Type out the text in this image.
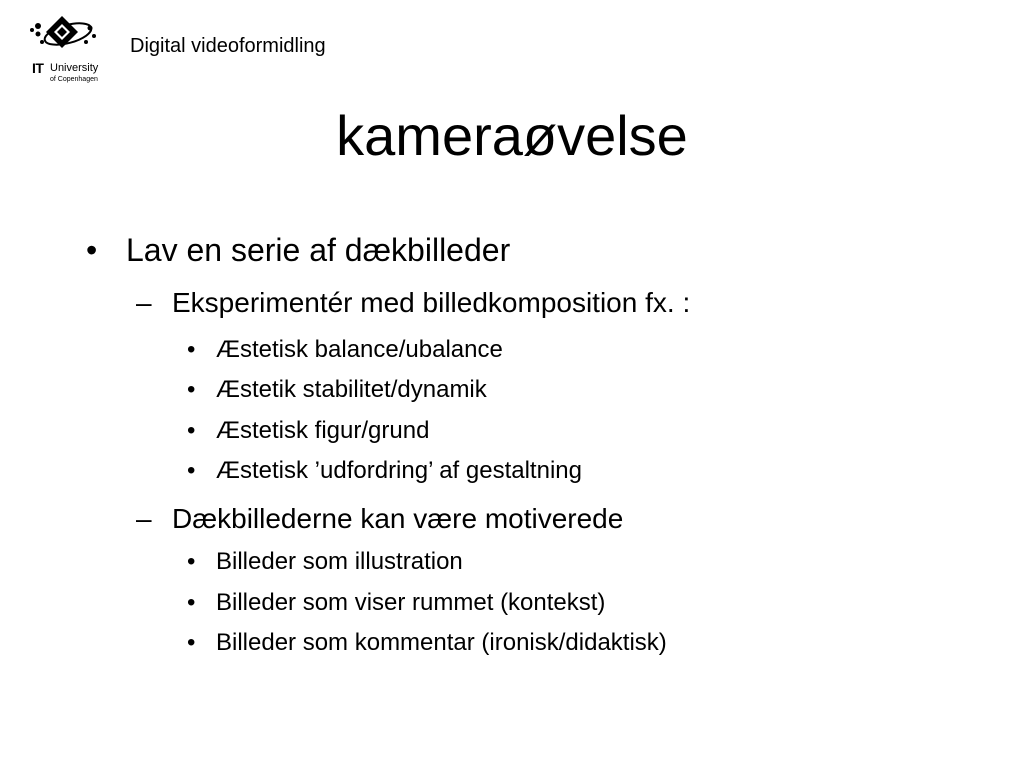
IT University
of Copenhagen
Digital videoformidling
kameraøvelse
• Lav en serie af dækbilleder
– Eksperimentér med billedkomposition fx. :
• Æstetisk balance/ubalance
• Æstetik stabilitet/dynamik
• Æstetisk figur/grund
• Æstetisk ’udfordring’ af gestaltning
– Dækbillederne kan være motiverede
• Billeder som illustration
• Billeder som viser rummet (kontekst)
• Billeder som kommentar (ironisk/didaktisk)
